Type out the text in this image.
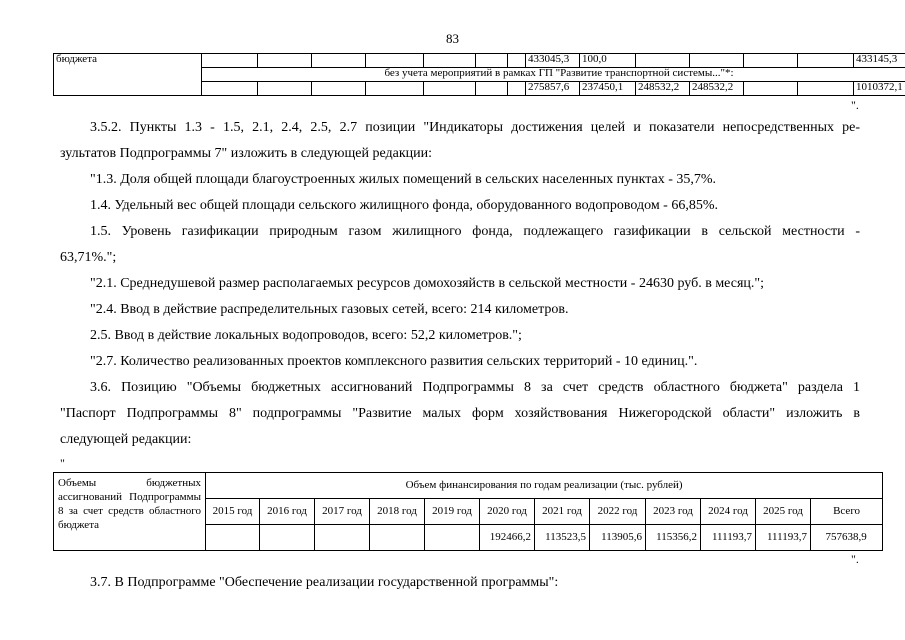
83
бюджета								433045,3	100,0					433145,3
	без учета мероприятий в рамках ГП "Развитие транспортной системы..."*:													
								275857,6	237450,1	248532,2	248532,2			1010372,1
".
3.5.2. Пункты 1.3 - 1.5, 2.1, 2.4, 2.5, 2.7 позиции "Индикаторы достижения целей и показатели непосредственных ре-
зультатов Подпрограммы 7" изложить в следующей редакции:
"1.3. Доля общей площади благоустроенных жилых помещений в сельских населенных пунктах - 35,7%.
1.4. Удельный вес общей площади сельского жилищного фонда, оборудованного водопроводом - 66,85%.
1.5. Уровень газификации природным газом жилищного фонда, подлежащего газификации в сельской местности -
63,71%.";
"2.1. Среднедушевой размер располагаемых ресурсов домохозяйств в сельской местности - 24630 руб. в месяц.";
"2.4. Ввод в действие распределительных газовых сетей, всего: 214 километров.
2.5. Ввод в действие локальных водопроводов, всего: 52,2 километров.";
"2.7. Количество реализованных проектов комплексного развития сельских территорий - 10 единиц.".
3.6. Позицию "Объемы бюджетных ассигнований Подпрограммы 8 за счет средств областного бюджета" раздела 1
"Паспорт Подпрограммы 8" подпрограммы "Развитие малых форм хозяйствования Нижегородской области" изложить в
следующей редакции:
"
Объемы бюджетных ассигнований Подпрограммы 8 за счет средств областного бюджета	Объем финансирования по годам реализации (тыс. рублей)											
	2015 год	2016 год	2017 год	2018 год	2019 год	2020 год	2021 год	2022 год	2023 год	2024 год	2025 год	Всего
						192466,2	113523,5	113905,6	115356,2	111193,7	111193,7	757638,9
".
3.7. В Подпрограмме "Обеспечение реализации государственной программы":
